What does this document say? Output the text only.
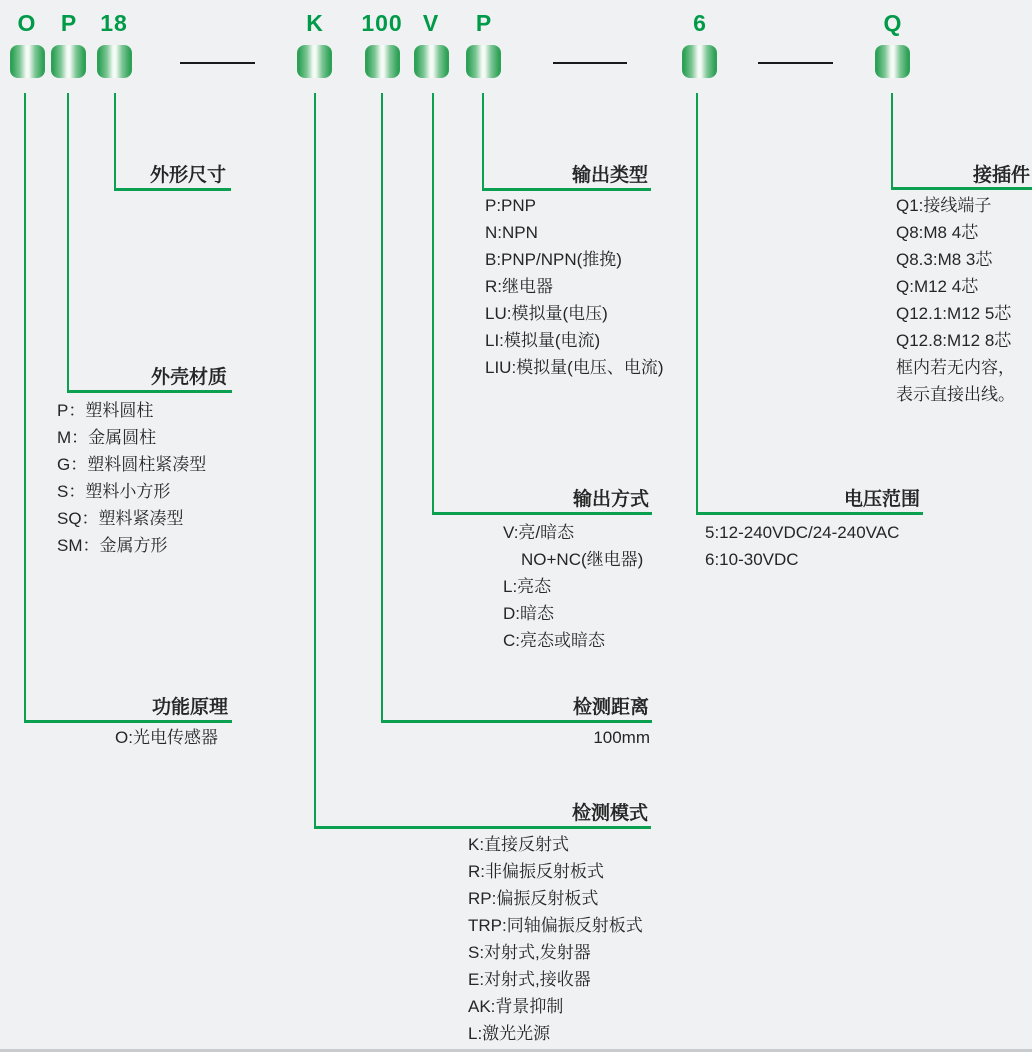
O	P	18	K	100 V	P	6	Q
外形尺寸	输出类型	接插件
外壳材质
输出方式	电压范围
功能原理	检测距离
检测模式
P:PNP
N:NPN
B:PNP/NPN(推挽)
R:继电器
LU:模拟量(电压)
LI:模拟量(电流)
LIU:模拟量(电压、电流)
Q1:接线端子
Q8:M8 4芯
Q8.3:M8 3芯
Q:M12 4芯
Q12.1:M12 5芯
Q12.8:M12 8芯
框内若无内容，
表示直接出线。
P：塑料圆柱
M：金属圆柱
G：塑料圆柱紧凑型
S：塑料小方形
SQ：塑料紧凑型
SM：金属方形
V:亮/暗态
NO+NC(继电器)
L:亮态
D:暗态
C:亮态或暗态
5:12-240VDC/24-240VAC
6:10-30VDC
O:光电传感器	100mm
K:直接反射式
R:非偏振反射板式
RP:偏振反射板式
TRP:同轴偏振反射板式
S:对射式,发射器
E:对射式,接收器
AK:背景抑制
L:激光光源
